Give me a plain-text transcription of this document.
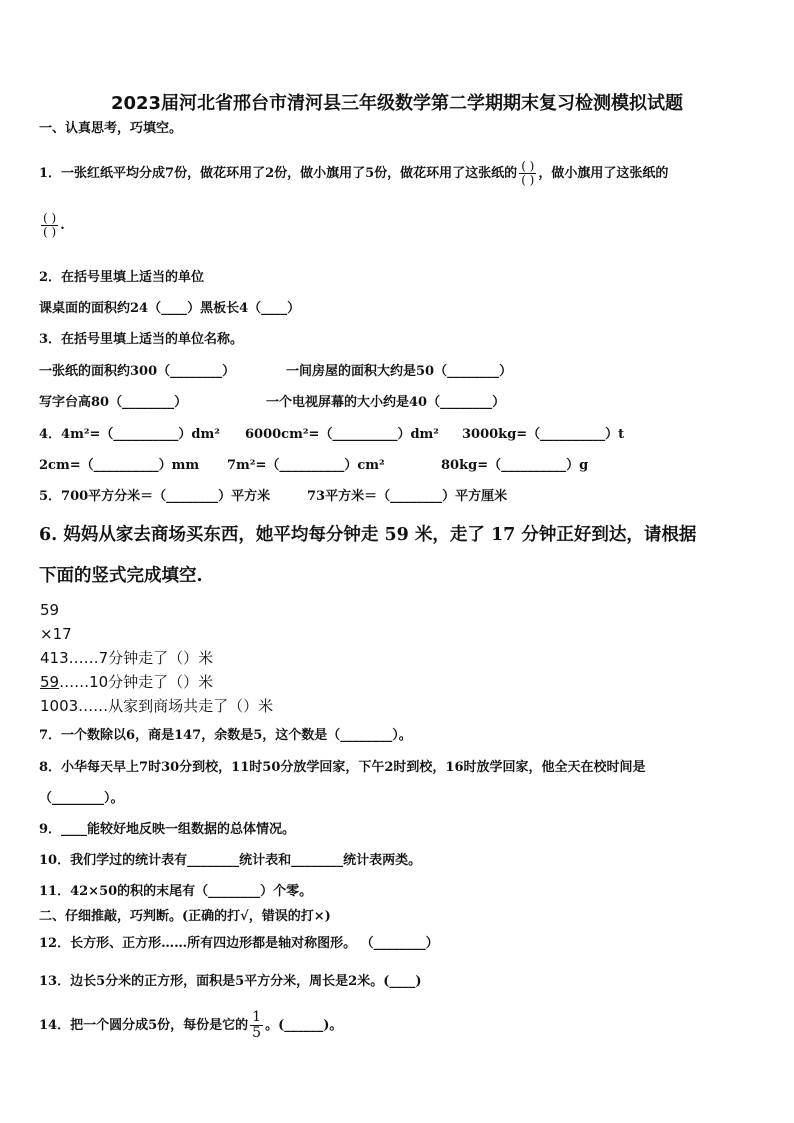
2023届河北省邢台市清河县三年级数学第二学期期末复习检测模拟试题
一、认真思考，巧填空。
1．一张红纸平均分成7份，做花环用了2份，做小旗用了5份，做花环用了这张纸的 $\frac{( )}{( )}$ ，做小旗用了这张纸的
$\frac{( )}{( )}$ .
2．在括号里填上适当的单位
课桌面的面积约24（____）黑板长4（____）
3．在括号里填上适当的单位名称。
一张纸的面积约300（________）	一间房屋的面积大约是50（________）
写字台高80（________）	一个电视屏幕的大小约是40（________）
4．4m²=（__________）dm² 6000cm²=（__________）dm² 3000kg=（__________）t
2cm=（__________）mm 7m²=（__________）cm²	80kg=（__________）g
5．700平方分米＝（________）平方米	73平方米＝（________）平方厘米
6. 妈妈从家去商场买东西，她平均每分钟走 59 米，走了 17 分钟正好到达，请根据
下面的竖式完成填空.
59
×17
413……7分钟走了（）米
59……10分钟走了（）米
1003……从家到商场共走了（）米
7．一个数除以6，商是147，余数是5，这个数是（________）。
8．小华每天早上7时30分到校，11时50分放学回家，下午2时到校，16时放学回家，他全天在校时间是
（________）。
9．____能较好地反映一组数据的总体情况。
10．我们学过的统计表有________统计表和________统计表两类。
11．42×50的积的末尾有（________）个零。
二、仔细推敲，巧判断。(正确的打√，错误的打×)
12．长方形、正方形……所有四边形都是轴对称图形。 （________）
13．边长5分米的正方形，面积是5平方分米，周长是2米。(____)
14．把一个圆分成5份，每份是它的 $\frac{1}{5}$ 。(______)。
